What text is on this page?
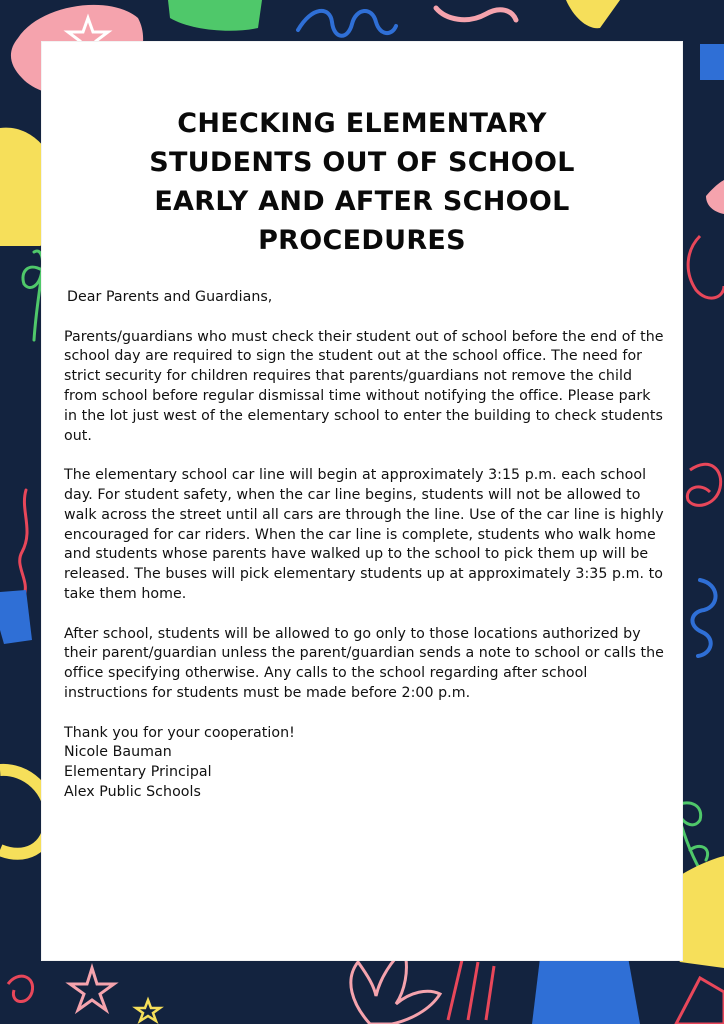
CHECKING ELEMENTARY
STUDENTS OUT OF SCHOOL
EARLY AND AFTER SCHOOL
PROCEDURES

Dear Parents and Guardians,

Parents/guardians who must check their student out of school before the end of the school day are required to sign the student out at the school office. The need for strict security for children requires that parents/guardians not remove the child from school before regular dismissal time without notifying the office. Please park in the lot just west of the elementary school to enter the building to check students out.

The elementary school car line will begin at approximately 3:15 p.m. each school day. For student safety, when the car line begins, students will not be allowed to walk across the street until all cars are through the line. Use of the car line is highly encouraged for car riders. When the car line is complete, students who walk home and students whose parents have walked up to the school to pick them up will be released. The buses will pick elementary students up at approximately 3:35 p.m. to take them home.

After school, students will be allowed to go only to those locations authorized by their parent/guardian unless the parent/guardian sends a note to school or calls the office specifying otherwise. Any calls to the school regarding after school instructions for students must be made before 2:00 p.m.

Thank you for your cooperation!
Nicole Bauman
Elementary Principal
Alex Public Schools
